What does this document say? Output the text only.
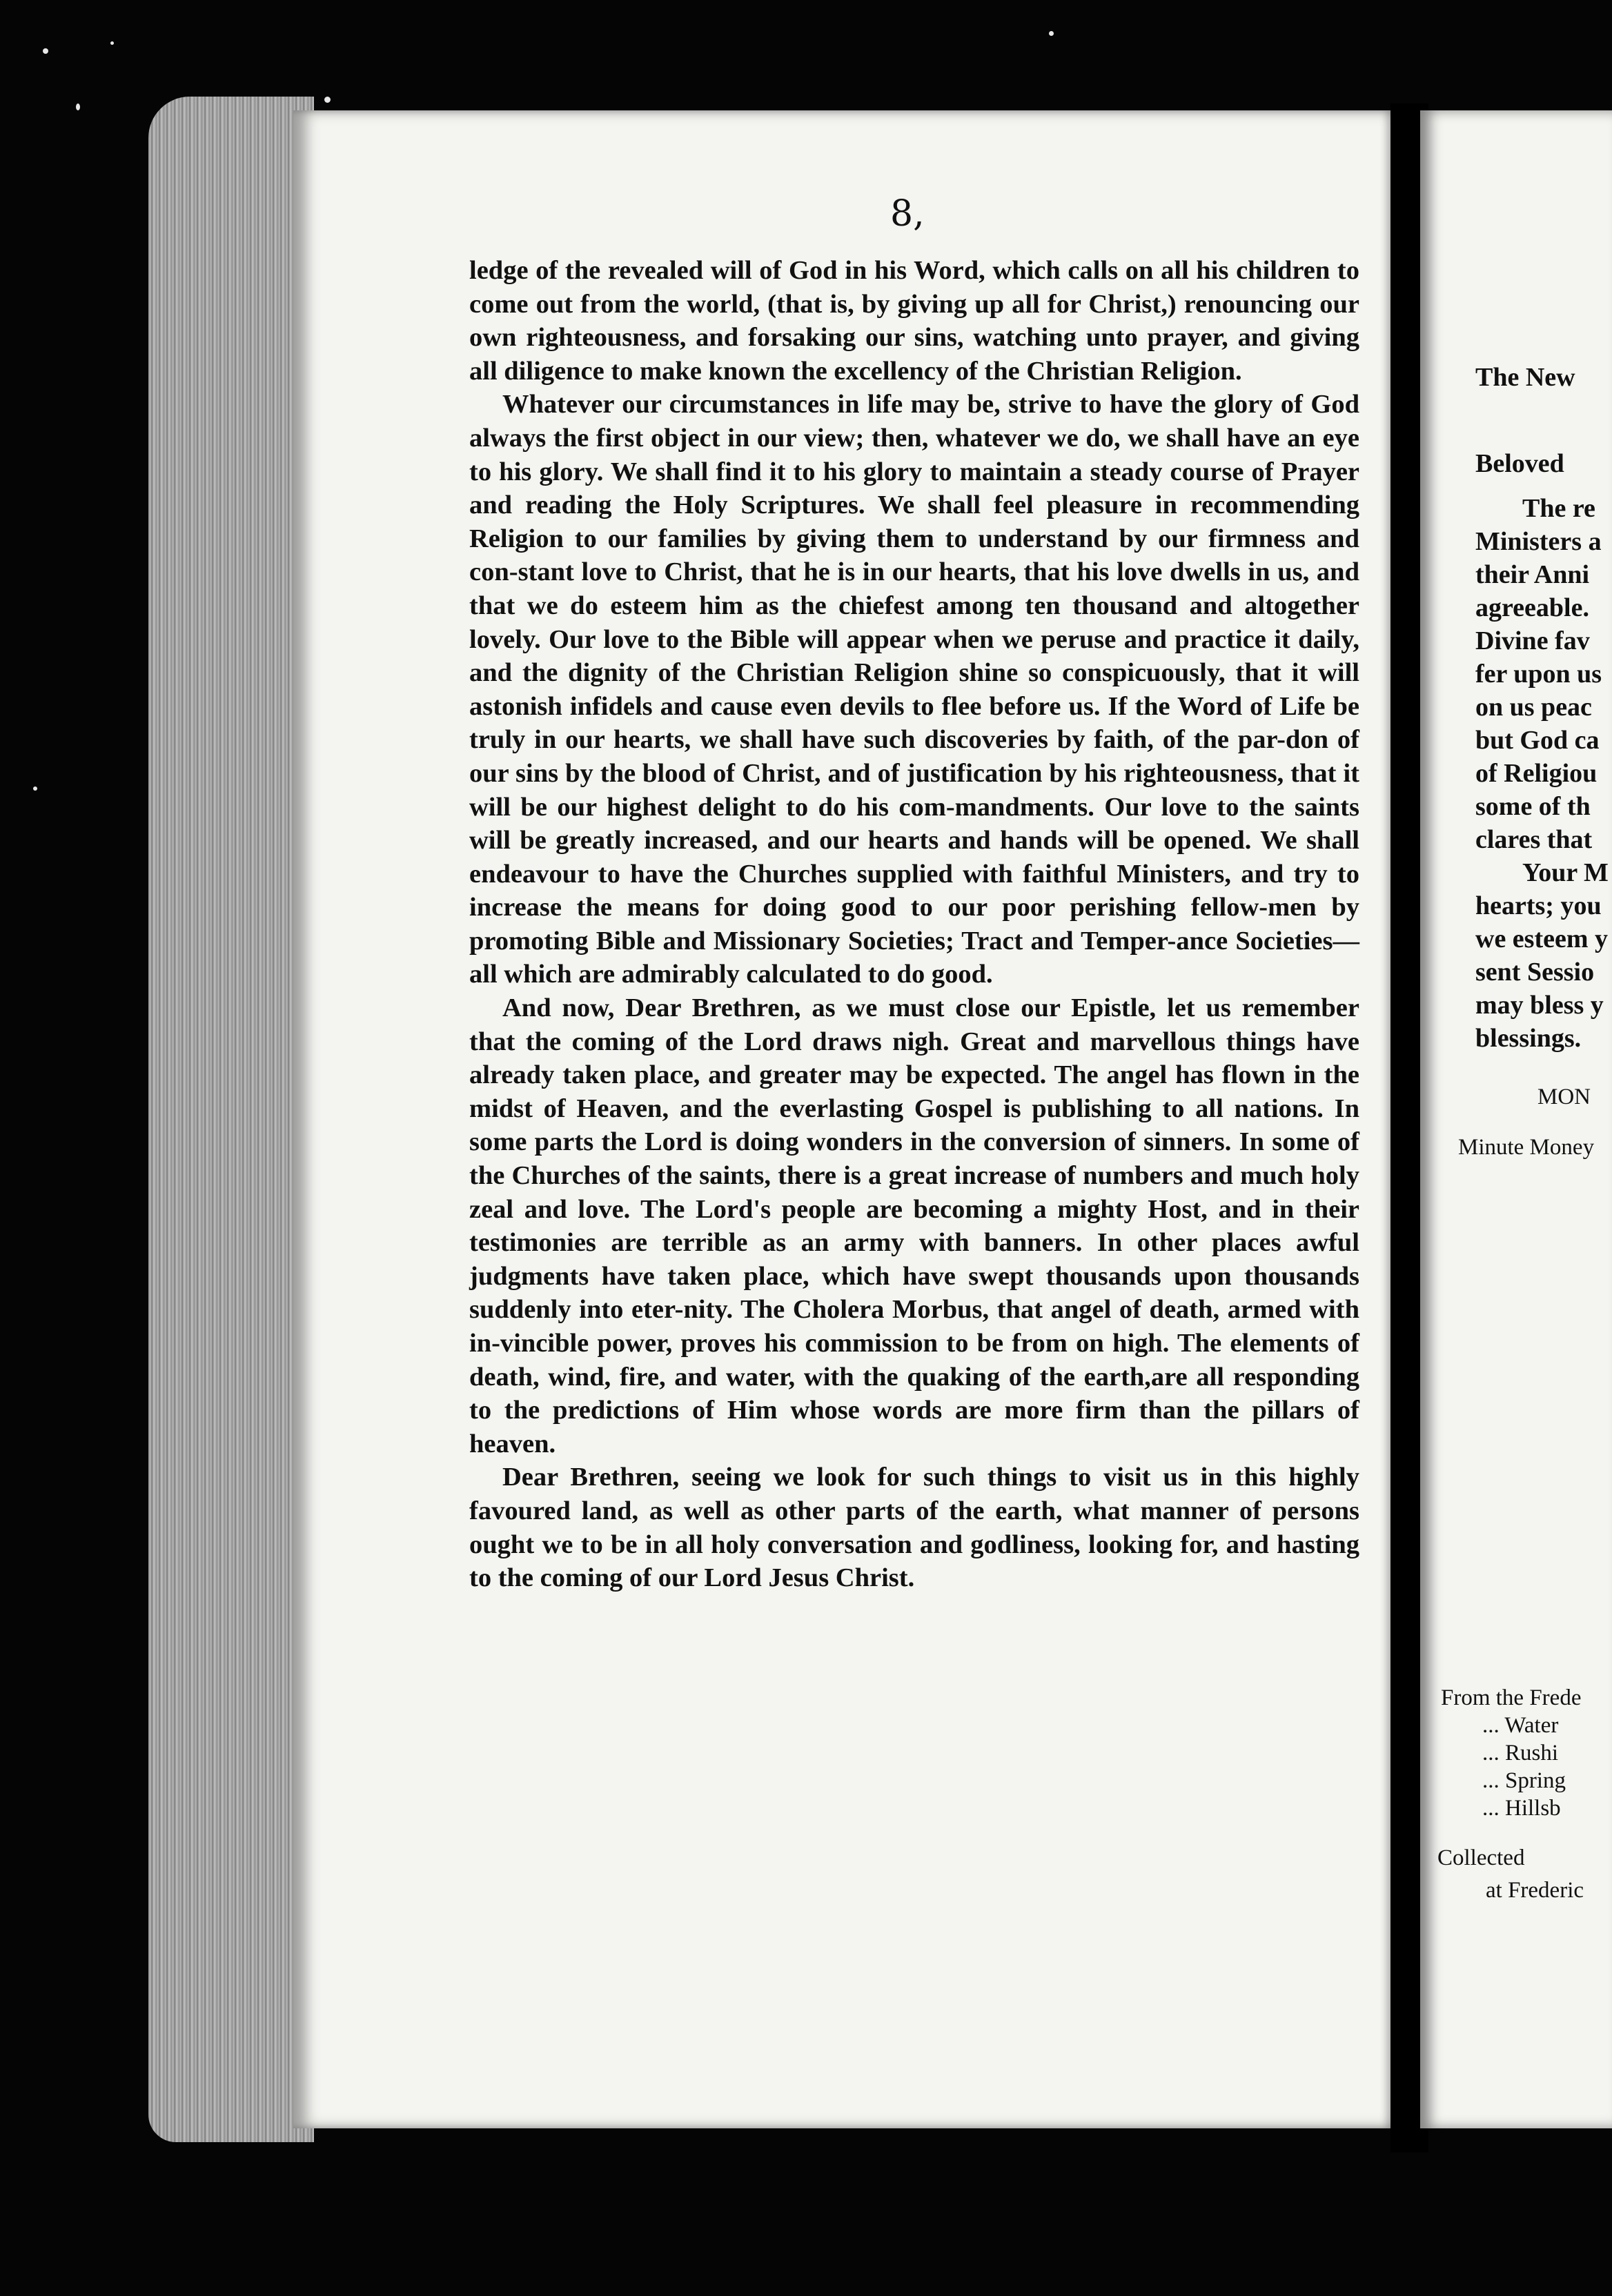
8,

ledge of the revealed will of God in his Word, which calls on all his children to come out from the world, (that is, by giving up all for Christ,) renouncing our own righteousness, and forsaking our sins, watching unto prayer, and giving all diligence to make known the excellency of the Christian Religion.

Whatever our circumstances in life may be, strive to have the glory of God always the first object in our view; then, whatever we do, we shall have an eye to his glory. We shall find it to his glory to maintain a steady course of Prayer and reading the Holy Scriptures. We shall feel pleasure in recommending Religion to our families by giving them to understand by our firmness and con-stant love to Christ, that he is in our hearts, that his love dwells in us, and that we do esteem him as the chiefest among ten thousand and altogether lovely. Our love to the Bible will appear when we peruse and practice it daily, and the dignity of the Christian Religion shine so conspicuously, that it will astonish infidels and cause even devils to flee before us. If the Word of Life be truly in our hearts, we shall have such discoveries by faith, of the par-don of our sins by the blood of Christ, and of justification by his righteousness, that it will be our highest delight to do his com-mandments. Our love to the saints will be greatly increased, and our hearts and hands will be opened. We shall endeavour to have the Churches supplied with faithful Ministers, and try to increase the means for doing good to our poor perishing fellow-men by promoting Bible and Missionary Societies; Tract and Temper-ance Societies—all which are admirably calculated to do good.

And now, Dear Brethren, as we must close our Epistle, let us remember that the coming of the Lord draws nigh. Great and marvellous things have already taken place, and greater may be expected. The angel has flown in the midst of Heaven, and the everlasting Gospel is publishing to all nations. In some parts the Lord is doing wonders in the conversion of sinners. In some of the Churches of the saints, there is a great increase of numbers and much holy zeal and love. The Lord's people are becoming a mighty Host, and in their testimonies are terrible as an army with banners. In other places awful judgments have taken place, which have swept thousands upon thousands suddenly into eter-nity. The Cholera Morbus, that angel of death, armed with in-vincible power, proves his commission to be from on high. The elements of death, wind, fire, and water, with the quaking of the earth,are all responding to the predictions of Him whose words are more firm than the pillars of heaven.

Dear Brethren, seeing we look for such things to visit us in this highly favoured land, as well as other parts of the earth, what manner of persons ought we to be in all holy conversation and godliness, looking for, and hasting to the coming of our Lord Jesus Christ.

The New
Beloved
The re
Ministers a
their Anni
agreeable.
Divine fav
fer upon us
on us peac
but God ca
of Religiou
some of th
clares that
Your M
hearts; you
we esteem y
sent Sessio
may bless y
blessings.
MON
Minute Money
From the Frede
... Water
... Rushi
... Spring
... Hillsb
Collected
at Frederic
